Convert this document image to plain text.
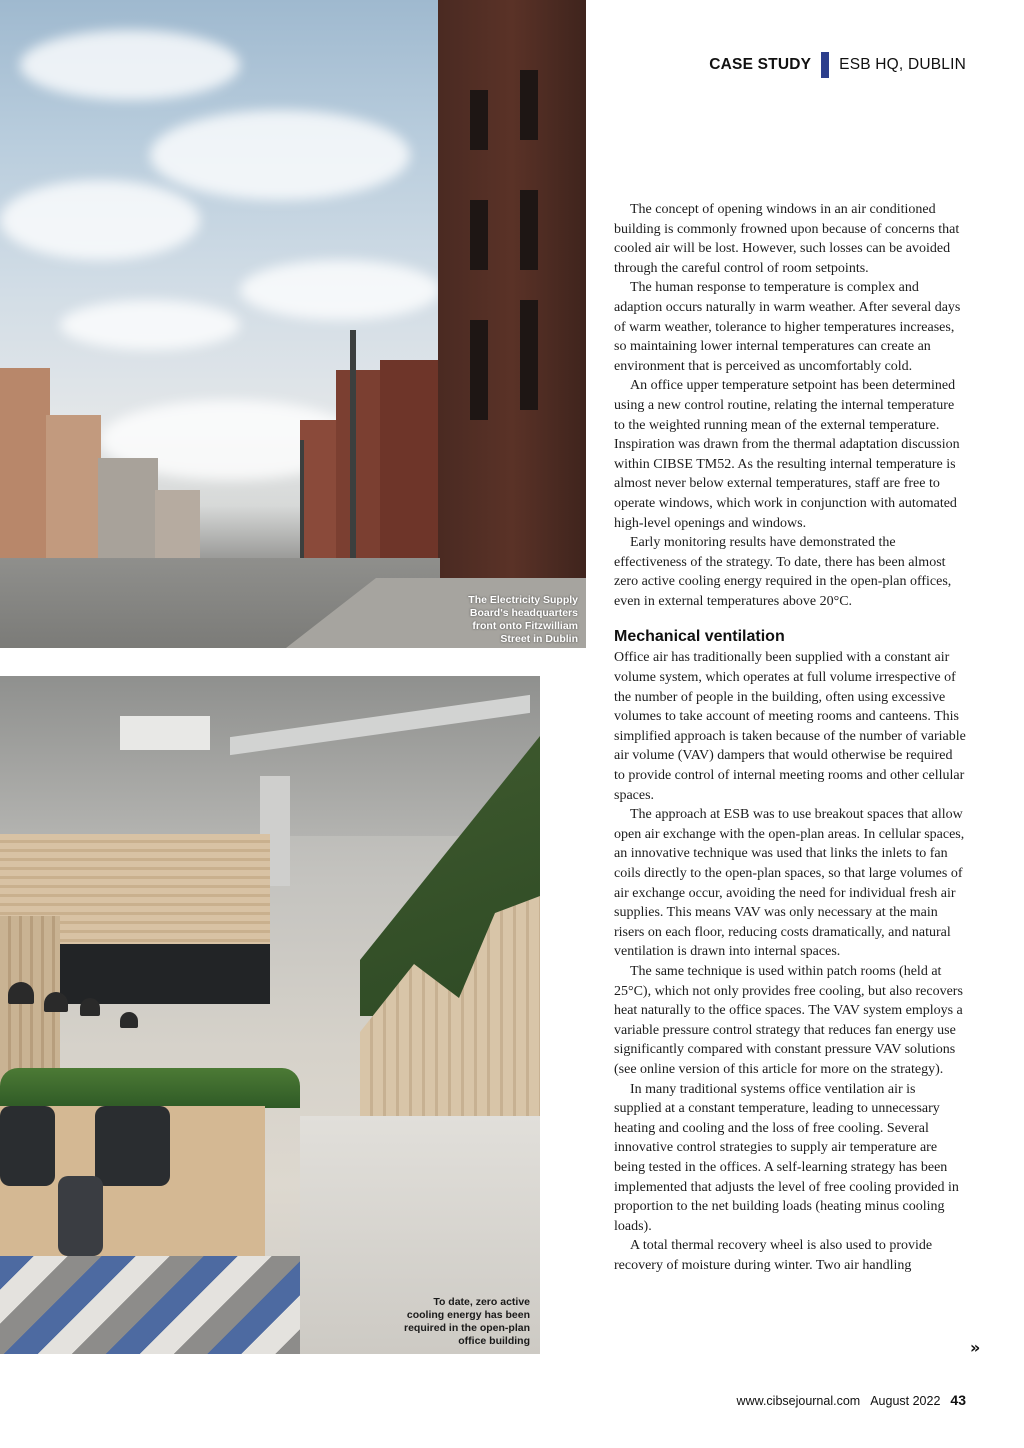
CASE STUDY ESB HQ, DUBLIN
The Electricity Supply Board's headquarters front onto Fitzwilliam Street in Dublin
To date, zero active cooling energy has been required in the open-plan office building

The concept of opening windows in an air conditioned building is commonly frowned upon because of concerns that cooled air will be lost. However, such losses can be avoided through the careful control of room setpoints.

The human response to temperature is complex and adaption occurs naturally in warm weather. After several days of warm weather, tolerance to higher temperatures increases, so maintaining lower internal temperatures can create an environment that is perceived as uncomfortably cold.

An office upper temperature setpoint has been determined using a new control routine, relating the internal temperature to the weighted running mean of the external temperature. Inspiration was drawn from the thermal adaptation discussion within CIBSE TM52. As the resulting internal temperature is almost never below external temperatures, staff are free to operate windows, which work in conjunction with automated high-level openings and windows.

Early monitoring results have demonstrated the effectiveness of the strategy. To date, there has been almost zero active cooling energy required in the open-plan offices, even in external temperatures above 20°C.

Mechanical ventilation

Office air has traditionally been supplied with a constant air volume system, which operates at full volume irrespective of the number of people in the building, often using excessive volumes to take account of meeting rooms and canteens. This simplified approach is taken because of the number of variable air volume (VAV) dampers that would otherwise be required to provide control of internal meeting rooms and other cellular spaces.

The approach at ESB was to use breakout spaces that allow open air exchange with the open-plan areas. In cellular spaces, an innovative technique was used that links the inlets to fan coils directly to the open-plan spaces, so that large volumes of air exchange occur, avoiding the need for individual fresh air supplies. This means VAV was only necessary at the main risers on each floor, reducing costs dramatically, and natural ventilation is drawn into internal spaces.

The same technique is used within patch rooms (held at 25°C), which not only provides free cooling, but also recovers heat naturally to the office spaces. The VAV system employs a variable pressure control strategy that reduces fan energy use significantly compared with constant pressure VAV solutions (see online version of this article for more on the strategy).

In many traditional systems office ventilation air is supplied at a constant temperature, leading to unnecessary heating and cooling and the loss of free cooling. Several innovative control strategies to supply air temperature are being tested in the offices. A self-learning strategy has been implemented that adjusts the level of free cooling provided in proportion to the net building loads (heating minus cooling loads).

A total thermal recovery wheel is also used to provide recovery of moisture during winter. Two air handling

»
www.cibsejournal.com August 2022 43
